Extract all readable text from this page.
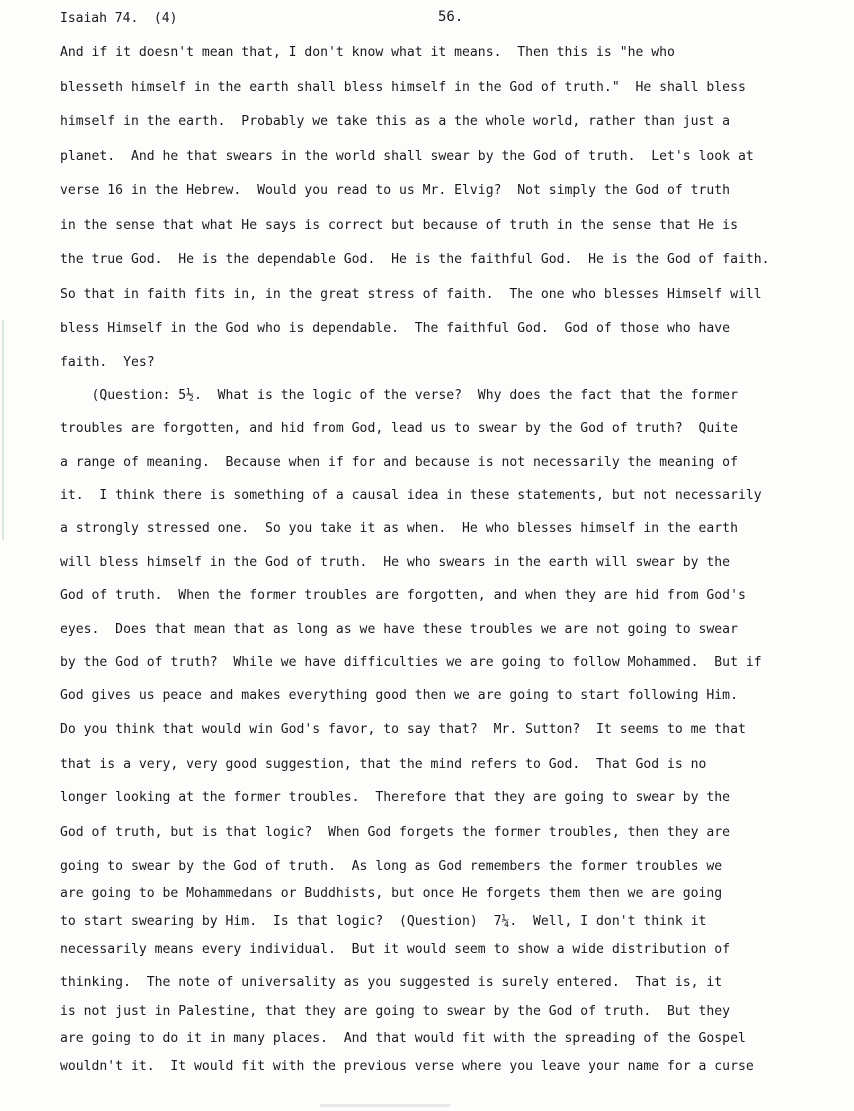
Isaiah 74.  (4)	56.
And if it doesn't mean that, I don't know what it means.  Then this is "he who
blesseth himself in the earth shall bless himself in the God of truth."  He shall bless
himself in the earth.  Probably we take this as a the whole world, rather than just a
planet.  And he that swears in the world shall swear by the God of truth.  Let's look at
verse 16 in the Hebrew.  Would you read to us Mr. Elvig?  Not simply the God of truth
in the sense that what He says is correct but because of truth in the sense that He is
the true God.  He is the dependable God.  He is the faithful God.  He is the God of faith.
So that in faith fits in, in the great stress of faith.  The one who blesses Himself will
bless Himself in the God who is dependable.  The faithful God.  God of those who have
faith.  Yes?
(Question: 5½.  What is the logic of the verse?  Why does the fact that the former
troubles are forgotten, and hid from God, lead us to swear by the God of truth?  Quite
a range of meaning.  Because when if for and because is not necessarily the meaning of
it.  I think there is something of a causal idea in these statements, but not necessarily
a strongly stressed one.  So you take it as when.  He who blesses himself in the earth
will bless himself in the God of truth.  He who swears in the earth will swear by the
God of truth.  When the former troubles are forgotten, and when they are hid from God's
eyes.  Does that mean that as long as we have these troubles we are not going to swear
by the God of truth?  While we have difficulties we are going to follow Mohammed.  But if
God gives us peace and makes everything good then we are going to start following Him.
Do you think that would win God's favor, to say that?  Mr. Sutton?  It seems to me that
that is a very, very good suggestion, that the mind refers to God.  That God is no
longer looking at the former troubles.  Therefore that they are going to swear by the
God of truth, but is that logic?  When God forgets the former troubles, then they are
going to swear by the God of truth.  As long as God remembers the former troubles we
are going to be Mohammedans or Buddhists, but once He forgets them then we are going
to start swearing by Him.  Is that logic?  (Question)  7¼.  Well, I don't think it
necessarily means every individual.  But it would seem to show a wide distribution of
thinking.  The note of universality as you suggested is surely entered.  That is, it
is not just in Palestine, that they are going to swear by the God of truth.  But they
are going to do it in many places.  And that would fit with the spreading of the Gospel
wouldn't it.  It would fit with the previous verse where you leave your name for a curse
